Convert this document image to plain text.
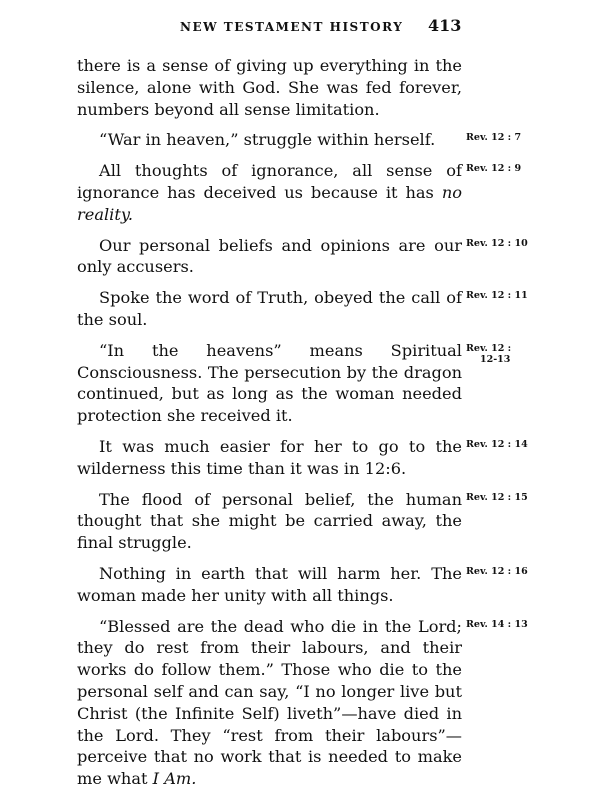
NEW TESTAMENT HISTORY 413
there is a sense of giving up everything in the silence, alone with God. She was fed forever, numbers beyond all sense limitation.
“War in heaven,” struggle within herself.	Rev. 12 : 7
All thoughts of ignorance, all sense of ignorance has deceived us because it has no reality.
Rev. 12 : 9
Our personal beliefs and opinions are our only accusers.
Rev. 12 : 10
Spoke the word of Truth, obeyed the call of the soul.
Rev. 12 : 11
“In the heavens” means Spiritual Consciousness. The persecution by the dragon continued, but as long as the woman needed protection she received it.
Rev. 12 :
12-13
It was much easier for her to go to the wilderness this time than it was in 12:6.
Rev. 12 : 14
The flood of personal belief, the human thought that she might be carried away, the final struggle.
Rev. 12 : 15
Nothing in earth that will harm her. The woman made her unity with all things.
Rev. 12 : 16
“Blessed are the dead who die in the Lord; they do rest from their labours, and their works do follow them.” Those who die to the personal self and can say, “I no longer live but Christ (the Infinite Self) liveth”—have died in the Lord. They “rest from their labours”—perceive that no work that is needed to make me what I Am.
Rev. 14 : 13
